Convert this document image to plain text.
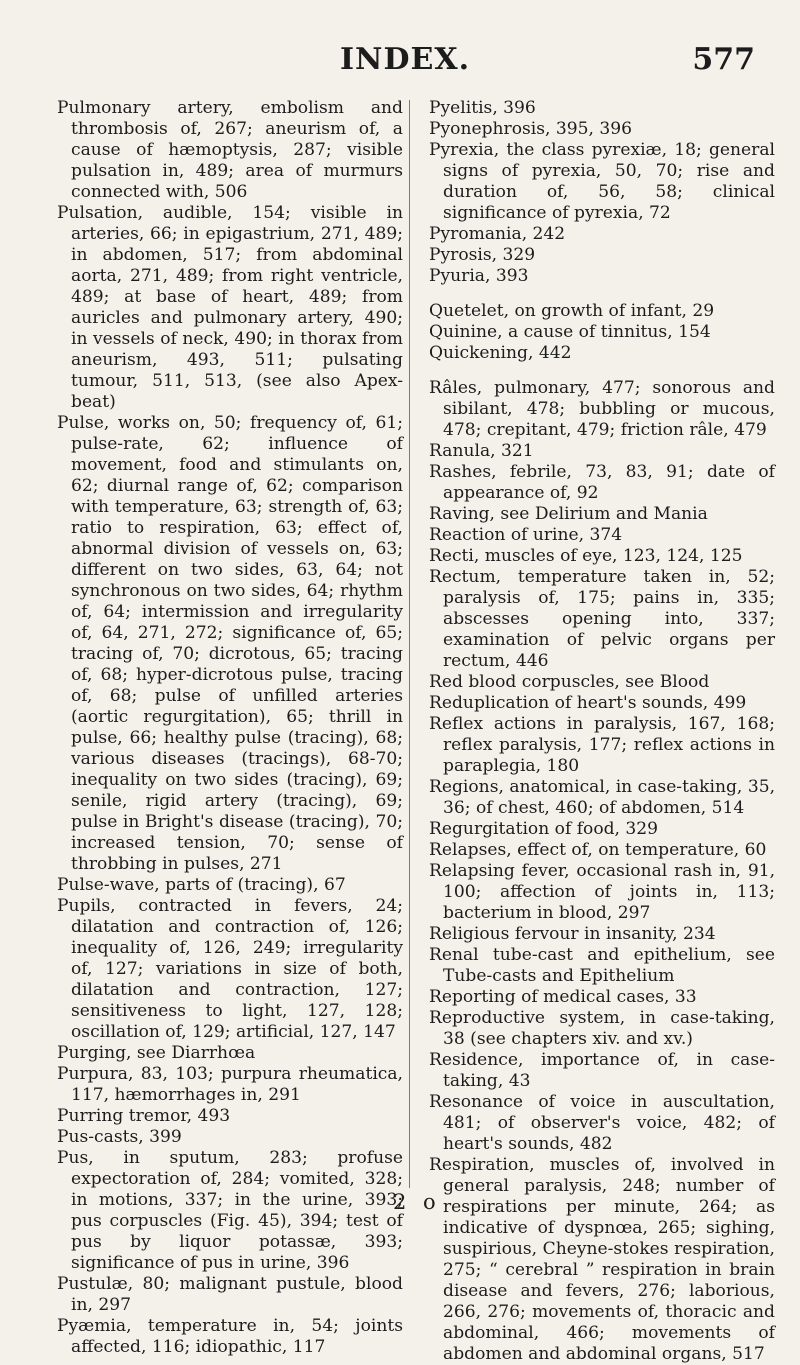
INDEX.	577
Pulmonary artery, embolism and thrombosis of, 267; aneurism of, a cause of hæmoptysis, 287; visible pulsation in, 489; area of murmurs connected with, 506
Pulsation, audible, 154; visible in arteries, 66; in epigastrium, 271, 489; in abdomen, 517; from abdominal aorta, 271, 489; from right ventricle, 489; at base of heart, 489; from auricles and pulmonary artery, 490; in vessels of neck, 490; in thorax from aneurism, 493, 511; pulsating tumour, 511, 513, (see also Apex-beat)
Pulse, works on, 50; frequency of, 61; pulse-rate, 62; influence of movement, food and stimulants on, 62; diurnal range of, 62; comparison with temperature, 63; strength of, 63; ratio to respiration, 63; effect of, abnormal division of vessels on, 63; different on two sides, 63, 64; not synchronous on two sides, 64; rhythm of, 64; intermission and irregularity of, 64, 271, 272; significance of, 65; tracing of, 70; dicrotous, 65; tracing of, 68; hyper-dicrotous pulse, tracing of, 68; pulse of unfilled arteries (aortic regurgitation), 65; thrill in pulse, 66; healthy pulse (tracing), 68; various diseases (tracings), 68-70; inequality on two sides (tracing), 69; senile, rigid artery (tracing), 69; pulse in Bright's disease (tracing), 70; increased tension, 70; sense of throbbing in pulses, 271
Pulse-wave, parts of (tracing), 67
Pupils, contracted in fevers, 24; dilatation and contraction of, 126; inequality of, 126, 249; irregularity of, 127; variations in size of both, dilatation and contraction, 127; sensitiveness to light, 127, 128; oscillation of, 129; artificial, 127, 147
Purging, see Diarrhœa
Purpura, 83, 103; purpura rheumatica, 117, hæmorrhages in, 291
Purring tremor, 493
Pus-casts, 399
Pus, in sputum, 283; profuse expectoration of, 284; vomited, 328; in motions, 337; in the urine, 393; pus corpuscles (Fig. 45), 394; test of pus by liquor potassæ, 393; significance of pus in urine, 396
Pustulæ, 80; malignant pustule, blood in, 297
Pyæmia, temperature in, 54; joints affected, 116; idiopathic, 117
Pyelitis, 396
Pyonephrosis, 395, 396
Pyrexia, the class pyrexiæ, 18; general signs of pyrexia, 50, 70; rise and duration of, 56, 58; clinical significance of pyrexia, 72
Pyromania, 242
Pyrosis, 329
Pyuria, 393
Quetelet, on growth of infant, 29
Quinine, a cause of tinnitus, 154
Quickening, 442
Râles, pulmonary, 477; sonorous and sibilant, 478; bubbling or mucous, 478; crepitant, 479; friction râle, 479
Ranula, 321
Rashes, febrile, 73, 83, 91; date of appearance of, 92
Raving, see Delirium and Mania
Reaction of urine, 374
Recti, muscles of eye, 123, 124, 125
Rectum, temperature taken in, 52; paralysis of, 175; pains in, 335; abscesses opening into, 337; examination of pelvic organs per rectum, 446
Red blood corpuscles, see Blood
Reduplication of heart's sounds, 499
Reflex actions in paralysis, 167, 168; reflex paralysis, 177; reflex actions in paraplegia, 180
Regions, anatomical, in case-taking, 35, 36; of chest, 460; of abdomen, 514
Regurgitation of food, 329
Relapses, effect of, on temperature, 60
Relapsing fever, occasional rash in, 91, 100; affection of joints in, 113; bacterium in blood, 297
Religious fervour in insanity, 234
Renal tube-cast and epithelium, see Tube-casts and Epithelium
Reporting of medical cases, 33
Reproductive system, in case-taking, 38 (see chapters xiv. and xv.)
Residence, importance of, in case-taking, 43
Resonance of voice in auscultation, 481; of observer's voice, 482; of heart's sounds, 482
Respiration, muscles of, involved in general paralysis, 248; number of respirations per minute, 264; as indicative of dyspnœa, 265; sighing, suspirious, Cheyne-stokes respiration, 275; “ cerebral ” respiration in brain disease and fevers, 276; laborious, 266, 276; movements of, thoracic and abdominal, 466; movements of abdomen and abdominal organs, 517
2 o
